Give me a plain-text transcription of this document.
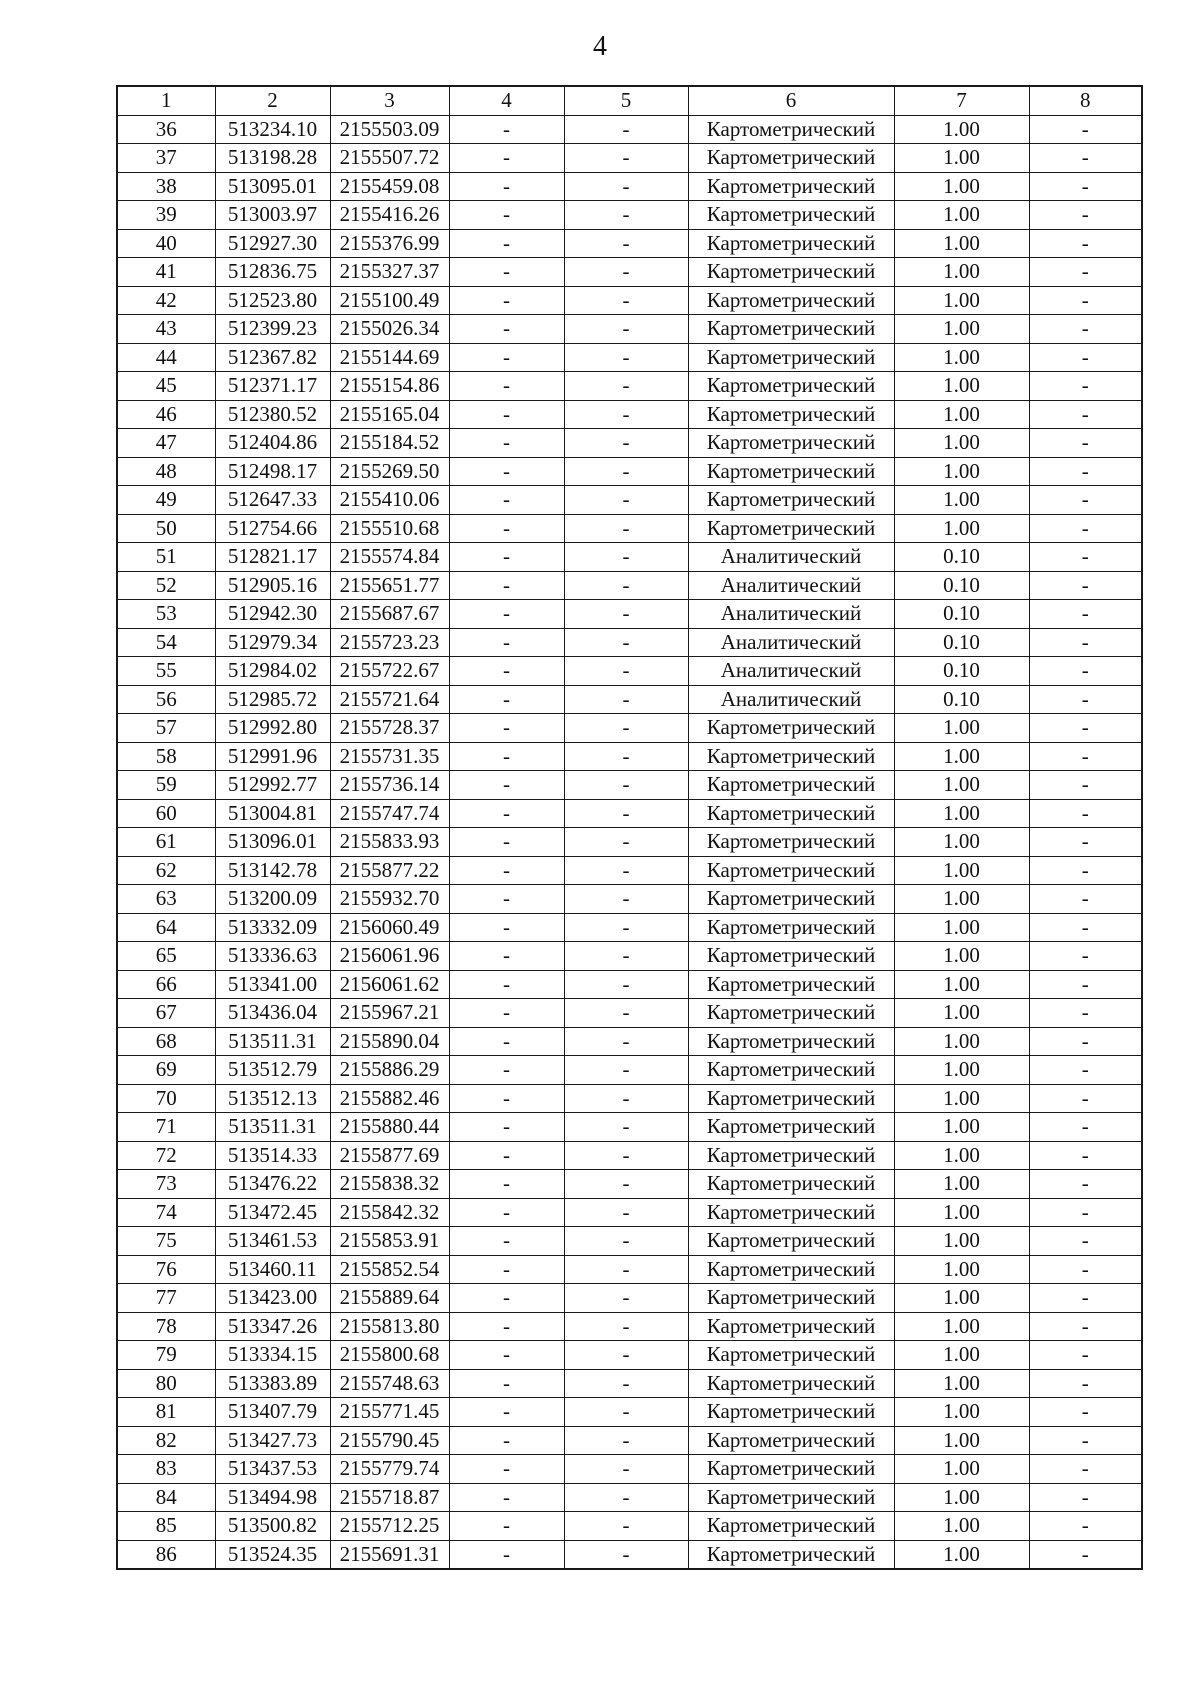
4
1	2	3	4	5	6	7	8
36	513234.10	2155503.09	-	-	Картометрический	1.00	-
37	513198.28	2155507.72	-	-	Картометрический	1.00	-
38	513095.01	2155459.08	-	-	Картометрический	1.00	-
39	513003.97	2155416.26	-	-	Картометрический	1.00	-
40	512927.30	2155376.99	-	-	Картометрический	1.00	-
41	512836.75	2155327.37	-	-	Картометрический	1.00	-
42	512523.80	2155100.49	-	-	Картометрический	1.00	-
43	512399.23	2155026.34	-	-	Картометрический	1.00	-
44	512367.82	2155144.69	-	-	Картометрический	1.00	-
45	512371.17	2155154.86	-	-	Картометрический	1.00	-
46	512380.52	2155165.04	-	-	Картометрический	1.00	-
47	512404.86	2155184.52	-	-	Картометрический	1.00	-
48	512498.17	2155269.50	-	-	Картометрический	1.00	-
49	512647.33	2155410.06	-	-	Картометрический	1.00	-
50	512754.66	2155510.68	-	-	Картометрический	1.00	-
51	512821.17	2155574.84	-	-	Аналитический	0.10	-
52	512905.16	2155651.77	-	-	Аналитический	0.10	-
53	512942.30	2155687.67	-	-	Аналитический	0.10	-
54	512979.34	2155723.23	-	-	Аналитический	0.10	-
55	512984.02	2155722.67	-	-	Аналитический	0.10	-
56	512985.72	2155721.64	-	-	Аналитический	0.10	-
57	512992.80	2155728.37	-	-	Картометрический	1.00	-
58	512991.96	2155731.35	-	-	Картометрический	1.00	-
59	512992.77	2155736.14	-	-	Картометрический	1.00	-
60	513004.81	2155747.74	-	-	Картометрический	1.00	-
61	513096.01	2155833.93	-	-	Картометрический	1.00	-
62	513142.78	2155877.22	-	-	Картометрический	1.00	-
63	513200.09	2155932.70	-	-	Картометрический	1.00	-
64	513332.09	2156060.49	-	-	Картометрический	1.00	-
65	513336.63	2156061.96	-	-	Картометрический	1.00	-
66	513341.00	2156061.62	-	-	Картометрический	1.00	-
67	513436.04	2155967.21	-	-	Картометрический	1.00	-
68	513511.31	2155890.04	-	-	Картометрический	1.00	-
69	513512.79	2155886.29	-	-	Картометрический	1.00	-
70	513512.13	2155882.46	-	-	Картометрический	1.00	-
71	513511.31	2155880.44	-	-	Картометрический	1.00	-
72	513514.33	2155877.69	-	-	Картометрический	1.00	-
73	513476.22	2155838.32	-	-	Картометрический	1.00	-
74	513472.45	2155842.32	-	-	Картометрический	1.00	-
75	513461.53	2155853.91	-	-	Картометрический	1.00	-
76	513460.11	2155852.54	-	-	Картометрический	1.00	-
77	513423.00	2155889.64	-	-	Картометрический	1.00	-
78	513347.26	2155813.80	-	-	Картометрический	1.00	-
79	513334.15	2155800.68	-	-	Картометрический	1.00	-
80	513383.89	2155748.63	-	-	Картометрический	1.00	-
81	513407.79	2155771.45	-	-	Картометрический	1.00	-
82	513427.73	2155790.45	-	-	Картометрический	1.00	-
83	513437.53	2155779.74	-	-	Картометрический	1.00	-
84	513494.98	2155718.87	-	-	Картометрический	1.00	-
85	513500.82	2155712.25	-	-	Картометрический	1.00	-
86	513524.35	2155691.31	-	-	Картометрический	1.00	-
